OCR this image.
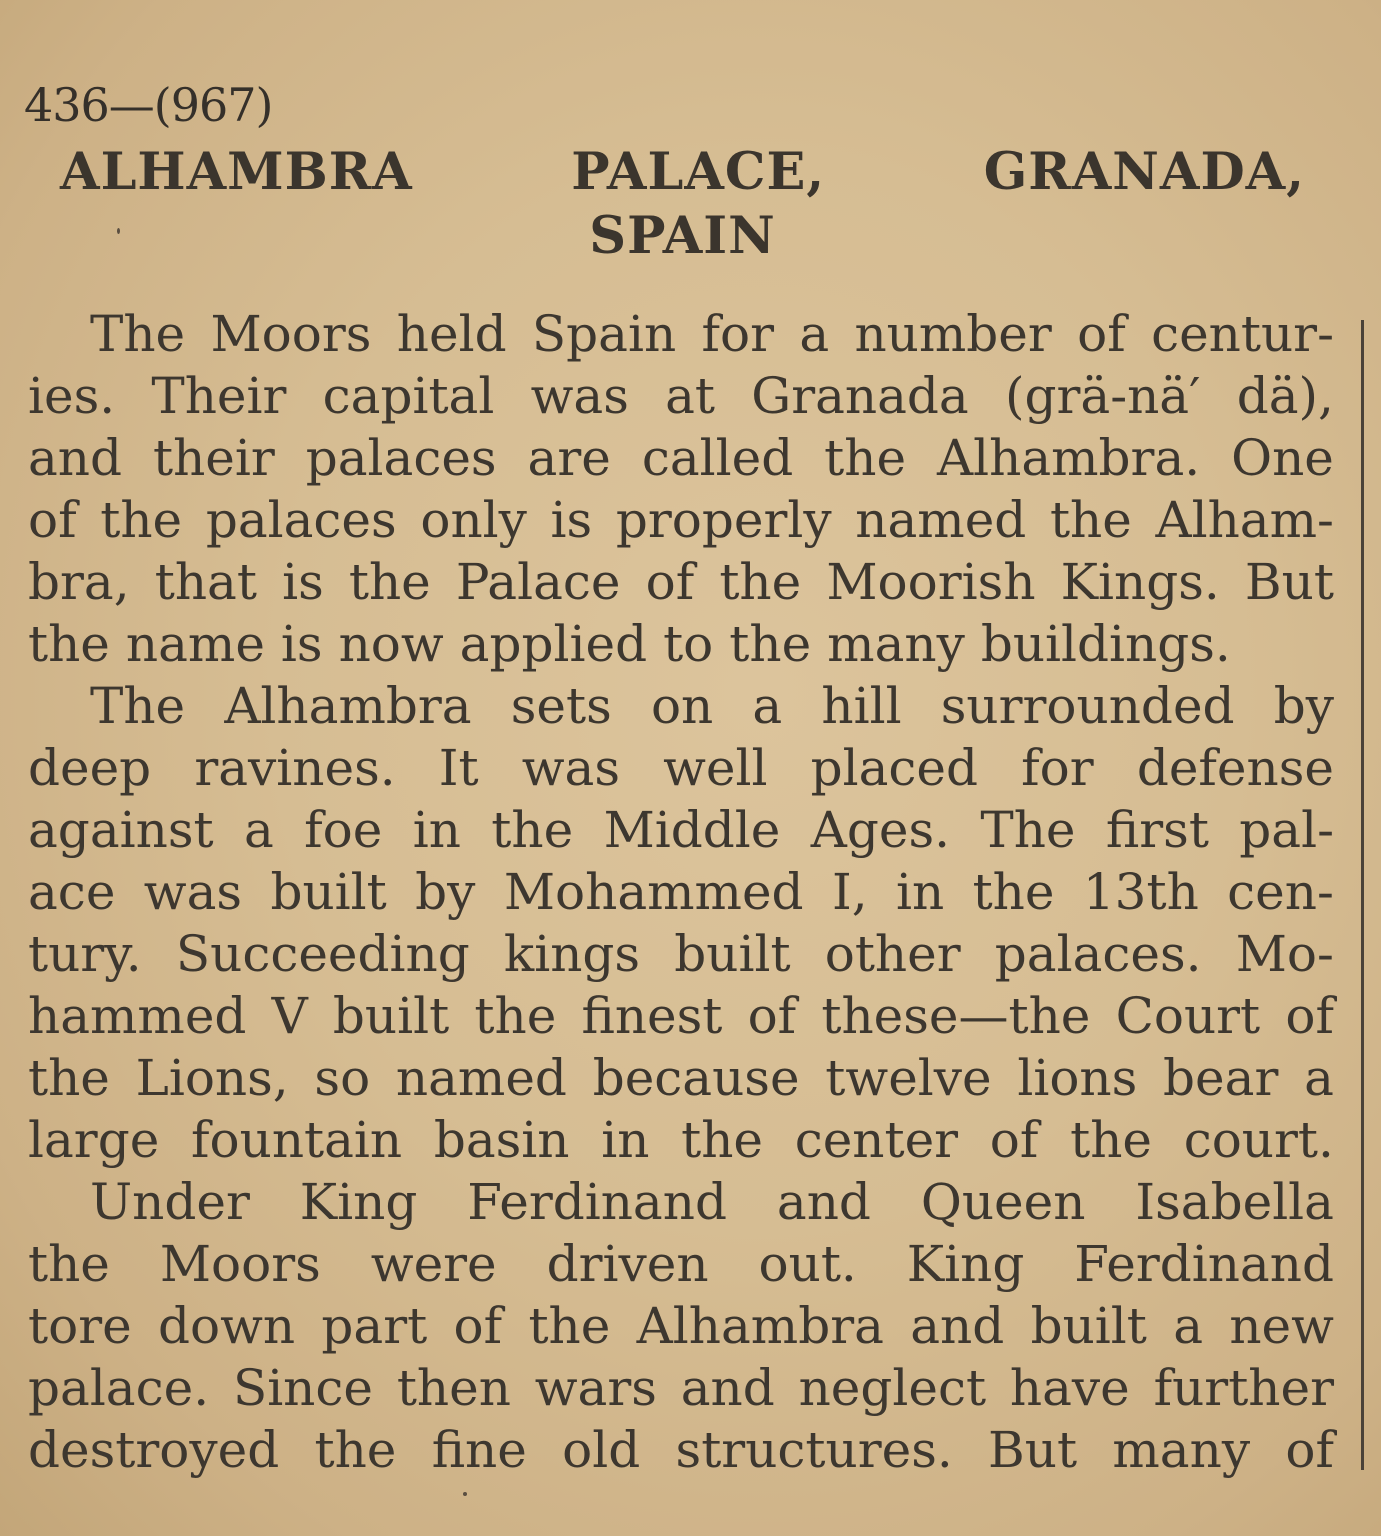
436—(967)
ALHAMBRA	PALACE,	GRANADA,
SPAIN
The Moors held Spain for a number of centur-
ies. Their capital was at Granada (grä-nä′ dä),
and their palaces are called the Alhambra. One
of the palaces only is properly named the Alham-
bra, that is the Palace of the Moorish Kings. But
the name is now applied to the many buildings.
The Alhambra sets on a hill surrounded by
deep ravines. It was well placed for defense
against a foe in the Middle Ages. The first pal-
ace was built by Mohammed I, in the 13th cen-
tury. Succeeding kings built other palaces. Mo-
hammed V built the finest of these—the Court of
the Lions, so named because twelve lions bear a
large fountain basin in the center of the court.
Under King Ferdinand and Queen Isabella
the Moors were driven out. King Ferdinand
tore down part of the Alhambra and built a new
palace. Since then wars and neglect have further
destroyed the fine old structures. But many of
